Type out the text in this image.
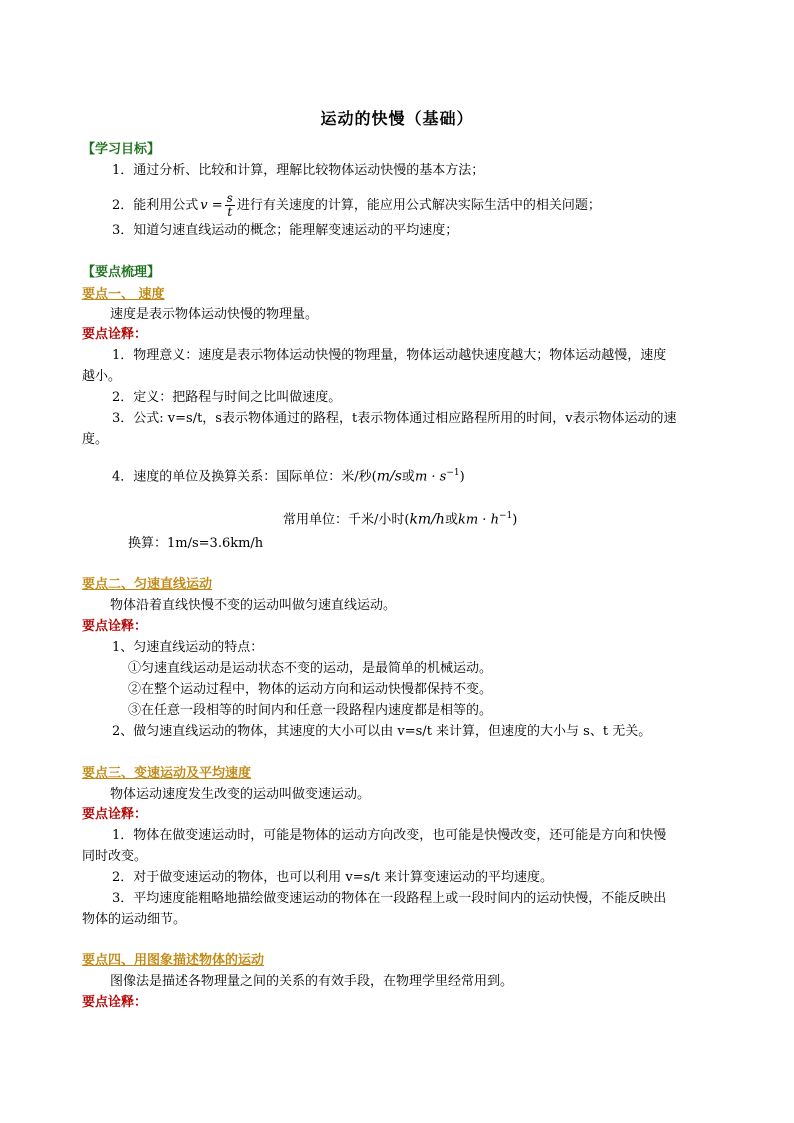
运动的快慢（基础）
【学习目标】
1．通过分析、比较和计算，理解比较物体运动快慢的基本方法；
2．能利用公式 $v = \frac{s}{t}$ 进行有关速度的计算，能应用公式解决实际生活中的相关问题；
3．知道匀速直线运动的概念；能理解变速运动的平均速度；
【要点梳理】
要点一、 速度
速度是表示物体运动快慢的物理量。
要点诠释：
1．物理意义：速度是表示物体运动快慢的物理量，物体运动越快速度越大；物体运动越慢，速度
越小。
2．定义：把路程与时间之比叫做速度。
3．公式: v=s/t，s表示物体通过的路程，t表示物体通过相应路程所用的时间，v表示物体运动的速
度。
4．速度的单位及换算关系：国际单位：米/秒(m/s或$m \cdot s^{-1}$)
常用单位：千米/小时(km/h或km · $h^{-1}$)
换算：1m/s=3.6km/h
要点二、匀速直线运动
物体沿着直线快慢不变的运动叫做匀速直线运动。
要点诠释：
1、匀速直线运动的特点：
①匀速直线运动是运动状态不变的运动，是最简单的机械运动。
②在整个运动过程中，物体的运动方向和运动快慢都保持不变。
③在任意一段相等的时间内和任意一段路程内速度都是相等的。
2、做匀速直线运动的物体，其速度的大小可以由 v=s/t 来计算，但速度的大小与 s、t 无关。
要点三、变速运动及平均速度
物体运动速度发生改变的运动叫做变速运动。
要点诠释：
1．物体在做变速运动时，可能是物体的运动方向改变，也可能是快慢改变，还可能是方向和快慢
同时改变。
2．对于做变速运动的物体，也可以利用 v=s/t 来计算变速运动的平均速度。
3．平均速度能粗略地描绘做变速运动的物体在一段路程上或一段时间内的运动快慢，不能反映出
物体的运动细节。
要点四、用图象描述物体的运动
图像法是描述各物理量之间的关系的有效手段，在物理学里经常用到。
要点诠释：
